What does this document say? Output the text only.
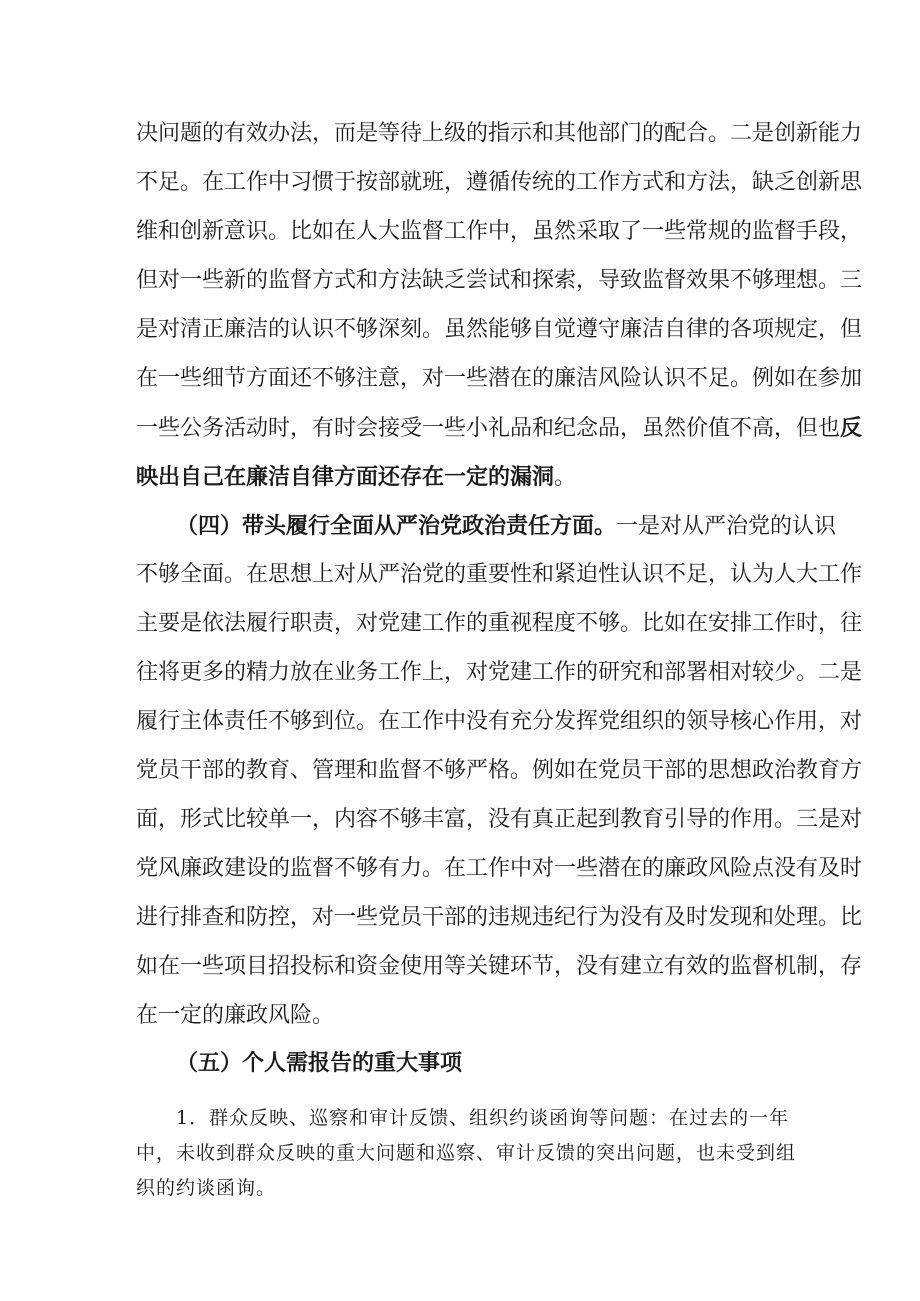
决问题的有效办法，而是等待上级的指示和其他部门的配合。二是创新能力
不足。在工作中习惯于按部就班，遵循传统的工作方式和方法，缺乏创新思
维和创新意识。比如在人大监督工作中，虽然采取了一些常规的监督手段，
但对一些新的监督方式和方法缺乏尝试和探索，导致监督效果不够理想。三
是对清正廉洁的认识不够深刻。虽然能够自觉遵守廉洁自律的各项规定，但
在一些细节方面还不够注意，对一些潜在的廉洁风险认识不足。例如在参加
一些公务活动时，有时会接受一些小礼品和纪念品，虽然价值不高，但也反
映出自己在廉洁自律方面还存在一定的漏洞。
（四）带头履行全面从严治党政治责任方面。一是对从严治党的认识
不够全面。在思想上对从严治党的重要性和紧迫性认识不足，认为人大工作
主要是依法履行职责，对党建工作的重视程度不够。比如在安排工作时，往
往将更多的精力放在业务工作上，对党建工作的研究和部署相对较少。二是
履行主体责任不够到位。在工作中没有充分发挥党组织的领导核心作用，对
党员干部的教育、管理和监督不够严格。例如在党员干部的思想政治教育方
面，形式比较单一，内容不够丰富，没有真正起到教育引导的作用。三是对
党风廉政建设的监督不够有力。在工作中对一些潜在的廉政风险点没有及时
进行排查和防控，对一些党员干部的违规违纪行为没有及时发现和处理。比
如在一些项目招投标和资金使用等关键环节，没有建立有效的监督机制，存
在一定的廉政风险。
（五）个人需报告的重大事项
1．群众反映、巡察和审计反馈、组织约谈函询等问题：在过去的一年
中，未收到群众反映的重大问题和巡察、审计反馈的突出问题，也未受到组
织的约谈函询。
